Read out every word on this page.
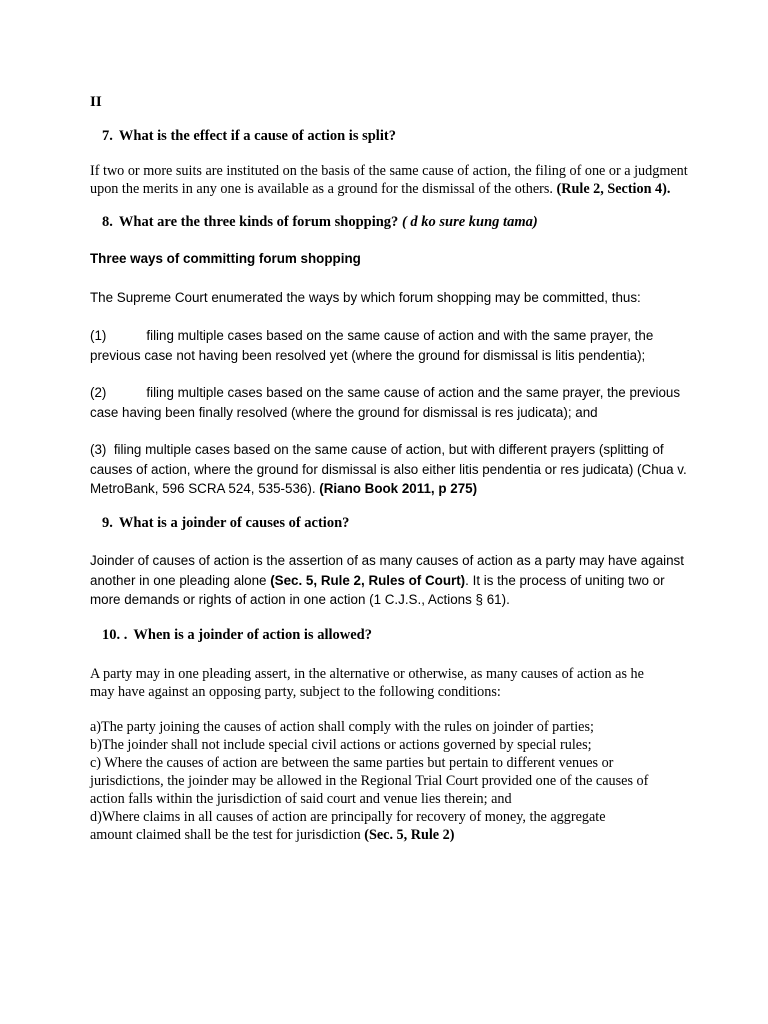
II
7. What is the effect if a cause of action is split?
If two or more suits are instituted on the basis of the same cause of action, the filing of one or a judgment upon the merits in any one is available as a ground for the dismissal of the others. (Rule 2, Section 4).
8. What are the three kinds of forum shopping? ( d ko sure kung tama)
Three ways of committing forum shopping
The Supreme Court enumerated the ways by which forum shopping may be committed, thus:
(1)	filing multiple cases based on the same cause of action and with the same prayer, the previous case not having been resolved yet (where the ground for dismissal is litis pendentia);
(2)	filing multiple cases based on the same cause of action and the same prayer, the previous case having been finally resolved (where the ground for dismissal is res judicata); and
(3) filing multiple cases based on the same cause of action, but with different prayers (splitting of causes of action, where the ground for dismissal is also either litis pendentia or res judicata) (Chua v. MetroBank, 596 SCRA 524, 535-536). (Riano Book 2011, p 275)
9. What is a joinder of causes of action?
Joinder of causes of action is the assertion of as many causes of action as a party may have against another in one pleading alone (Sec. 5, Rule 2, Rules of Court). It is the process of uniting two or more demands or rights of action in one action (1 C.J.S., Actions § 61).
10. . When is a joinder of action is allowed?
A party may in one pleading assert, in the alternative or otherwise, as many causes of action as he may have against an opposing party, subject to the following conditions:
a)The party joining the causes of action shall comply with the rules on joinder of parties;
b)The joinder shall not include special civil actions or actions governed by special rules;
c) Where the causes of action are between the same parties but pertain to different venues or jurisdictions, the joinder may be allowed in the Regional Trial Court provided one of the causes of action falls within the jurisdiction of said court and venue lies therein; and
d)Where claims in all causes of action are principally for recovery of money, the aggregate amount claimed shall be the test for jurisdiction (Sec. 5, Rule 2)
